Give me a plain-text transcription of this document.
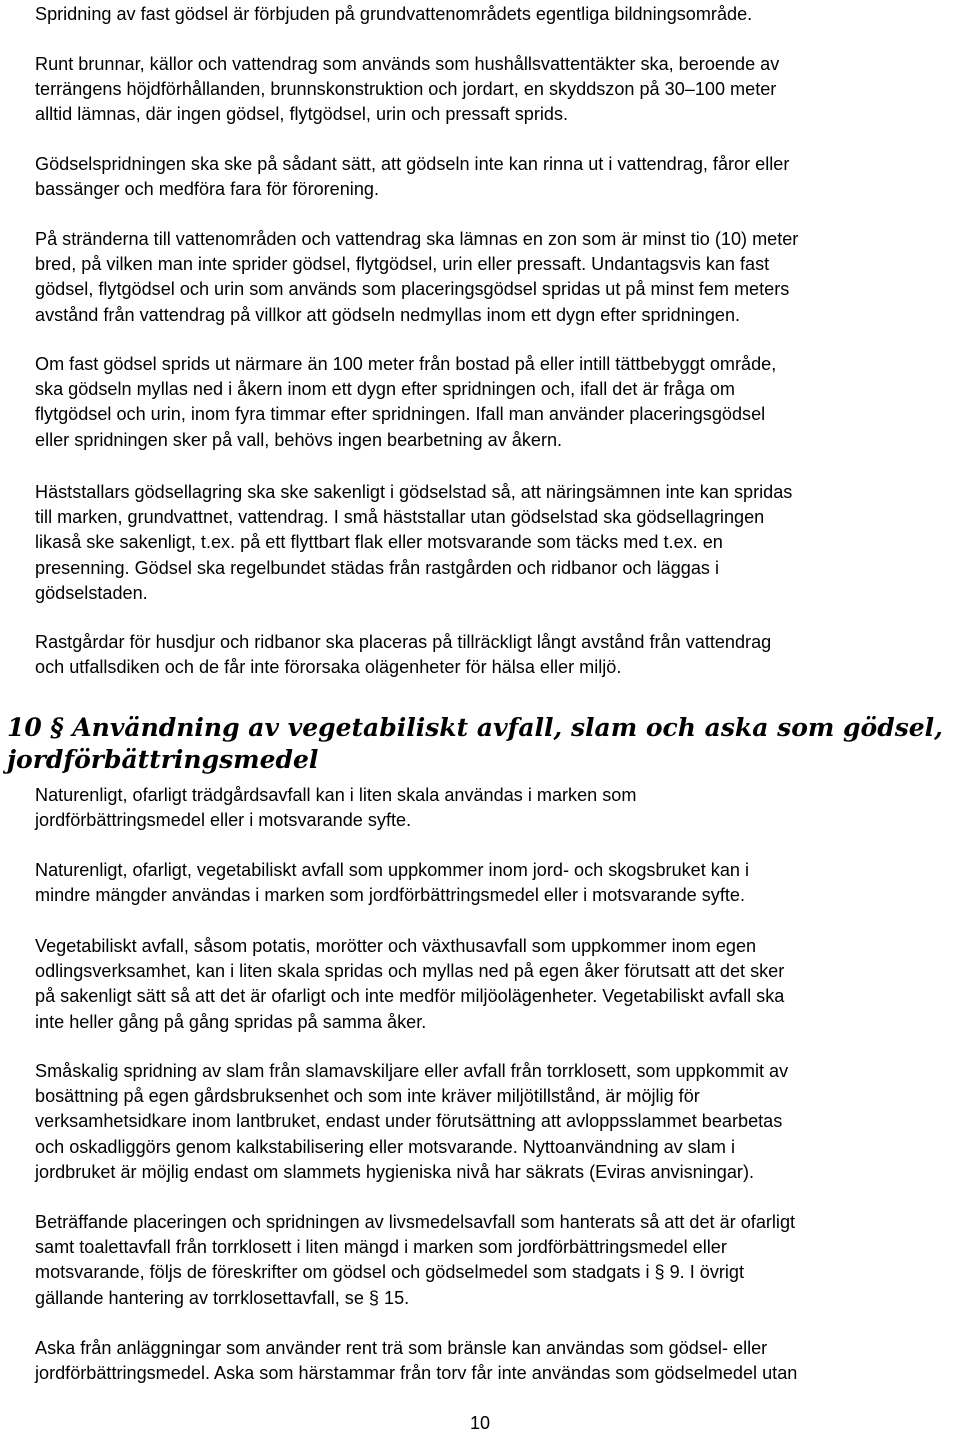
Spridning av fast gödsel är förbjuden på grundvattenområdets egentliga bildningsområde.

Runt brunnar, källor och vattendrag som används som hushållsvattentäkter ska, beroende av
terrängens höjdförhållanden, brunnskonstruktion och jordart, en skyddszon på 30–100 meter
alltid lämnas, där ingen gödsel, flytgödsel, urin och pressaft sprids.

Gödselspridningen ska ske på sådant sätt, att gödseln inte kan rinna ut i vattendrag, fåror eller
bassänger och medföra fara för förorening.

På stränderna till vattenområden och vattendrag ska lämnas en zon som är minst tio (10) meter
bred, på vilken man inte sprider gödsel, flytgödsel, urin eller pressaft. Undantagsvis kan fast
gödsel, flytgödsel och urin som används som placeringsgödsel spridas ut på minst fem meters
avstånd från vattendrag på villkor att gödseln nedmyllas inom ett dygn efter spridningen.

Om fast gödsel sprids ut närmare än 100 meter från bostad på eller intill tättbebyggt område,
ska gödseln myllas ned i åkern inom ett dygn efter spridningen och, ifall det är fråga om
flytgödsel och urin, inom fyra timmar efter spridningen. Ifall man använder placeringsgödsel
eller spridningen sker på vall, behövs ingen bearbetning av åkern.

Häststallars gödsellagring ska ske sakenligt i gödselstad så, att näringsämnen inte kan spridas
till marken, grundvattnet, vattendrag. I små häststallar utan gödselstad ska gödsellagringen
likaså ske sakenligt, t.ex. på ett flyttbart flak eller motsvarande som täcks med t.ex. en
presenning. Gödsel ska regelbundet städas från rastgården och ridbanor och läggas i
gödselstaden.

Rastgårdar för husdjur och ridbanor ska placeras på tillräckligt långt avstånd från vattendrag
och utfallsdiken och de får inte förorsaka olägenheter för hälsa eller miljö.

10 § Användning av vegetabiliskt avfall, slam och aska som gödsel,
jordförbättringsmedel

Naturenligt, ofarligt trädgårdsavfall kan i liten skala användas i marken som
jordförbättringsmedel eller i motsvarande syfte.

Naturenligt, ofarligt, vegetabiliskt avfall som uppkommer inom jord- och skogsbruket kan i
mindre mängder användas i marken som jordförbättringsmedel eller i motsvarande syfte.

Vegetabiliskt avfall, såsom potatis, morötter och växthusavfall som uppkommer inom egen
odlingsverksamhet, kan i liten skala spridas och myllas ned på egen åker förutsatt att det sker
på sakenligt sätt så att det är ofarligt och inte medför miljöolägenheter. Vegetabiliskt avfall ska
inte heller gång på gång spridas på samma åker.

Småskalig spridning av slam från slamavskiljare eller avfall från torrklosett, som uppkommit av
bosättning på egen gårdsbruksenhet och som inte kräver miljötillstånd, är möjlig för
verksamhetsidkare inom lantbruket, endast under förutsättning att avloppsslammet bearbetas
och oskadliggörs genom kalkstabilisering eller motsvarande. Nyttoanvändning av slam i
jordbruket är möjlig endast om slammets hygieniska nivå har säkrats (Eviras anvisningar).

Beträffande placeringen och spridningen av livsmedelsavfall som hanterats så att det är ofarligt
samt toalettavfall från torrklosett i liten mängd i marken som jordförbättringsmedel eller
motsvarande, följs de föreskrifter om gödsel och gödselmedel som stadgats i § 9. I övrigt
gällande hantering av torrklosettavfall, se § 15.

Aska från anläggningar som använder rent trä som bränsle kan användas som gödsel- eller
jordförbättringsmedel. Aska som härstammar från torv får inte användas som gödselmedel utan

10
